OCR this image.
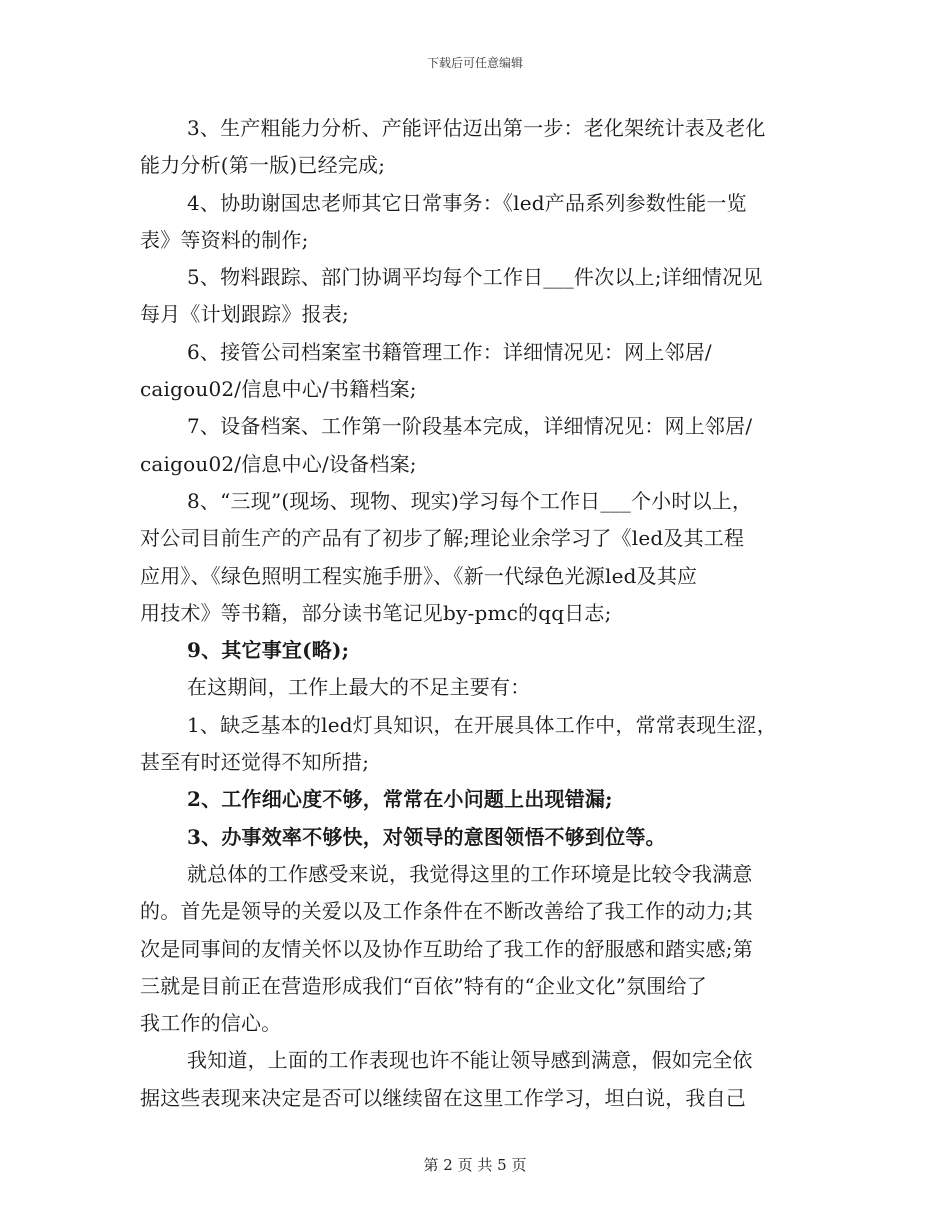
下载后可任意编辑
3、生产粗能力分析、产能评估迈出第一步：老化架统计表及老化
能力分析(第一版)已经完成;
4、协助谢国忠老师其它日常事务：《led产品系列参数性能一览
表》等资料的制作;
5、物料跟踪、部门协调平均每个工作日___件次以上;详细情况见
每月《计划跟踪》报表;
6、接管公司档案室书籍管理工作：详细情况见：网上邻居/
caigou02/信息中心/书籍档案;
7、设备档案、工作第一阶段基本完成，详细情况见：网上邻居/
caigou02/信息中心/设备档案;
8、“三现”(现场、现物、现实)学习每个工作日___个小时以上，
对公司目前生产的产品有了初步了解;理论业余学习了《led及其工程
应用》、《绿色照明工程实施手册》、《新一代绿色光源led及其应
用技术》等书籍，部分读书笔记见by-pmc的qq日志;
9、其它事宜(略);
在这期间，工作上最大的不足主要有：
1、缺乏基本的led灯具知识，在开展具体工作中，常常表现生涩，
甚至有时还觉得不知所措;
2、工作细心度不够，常常在小问题上出现错漏;
3、办事效率不够快，对领导的意图领悟不够到位等。
就总体的工作感受来说，我觉得这里的工作环境是比较令我满意
的。首先是领导的关爱以及工作条件在不断改善给了我工作的动力;其
次是同事间的友情关怀以及协作互助给了我工作的舒服感和踏实感;第
三就是目前正在营造形成我们“百依”特有的“企业文化”氛围给了
我工作的信心。
我知道，上面的工作表现也许不能让领导感到满意，假如完全依
据这些表现来决定是否可以继续留在这里工作学习，坦白说，我自己
第 2 页 共 5 页
